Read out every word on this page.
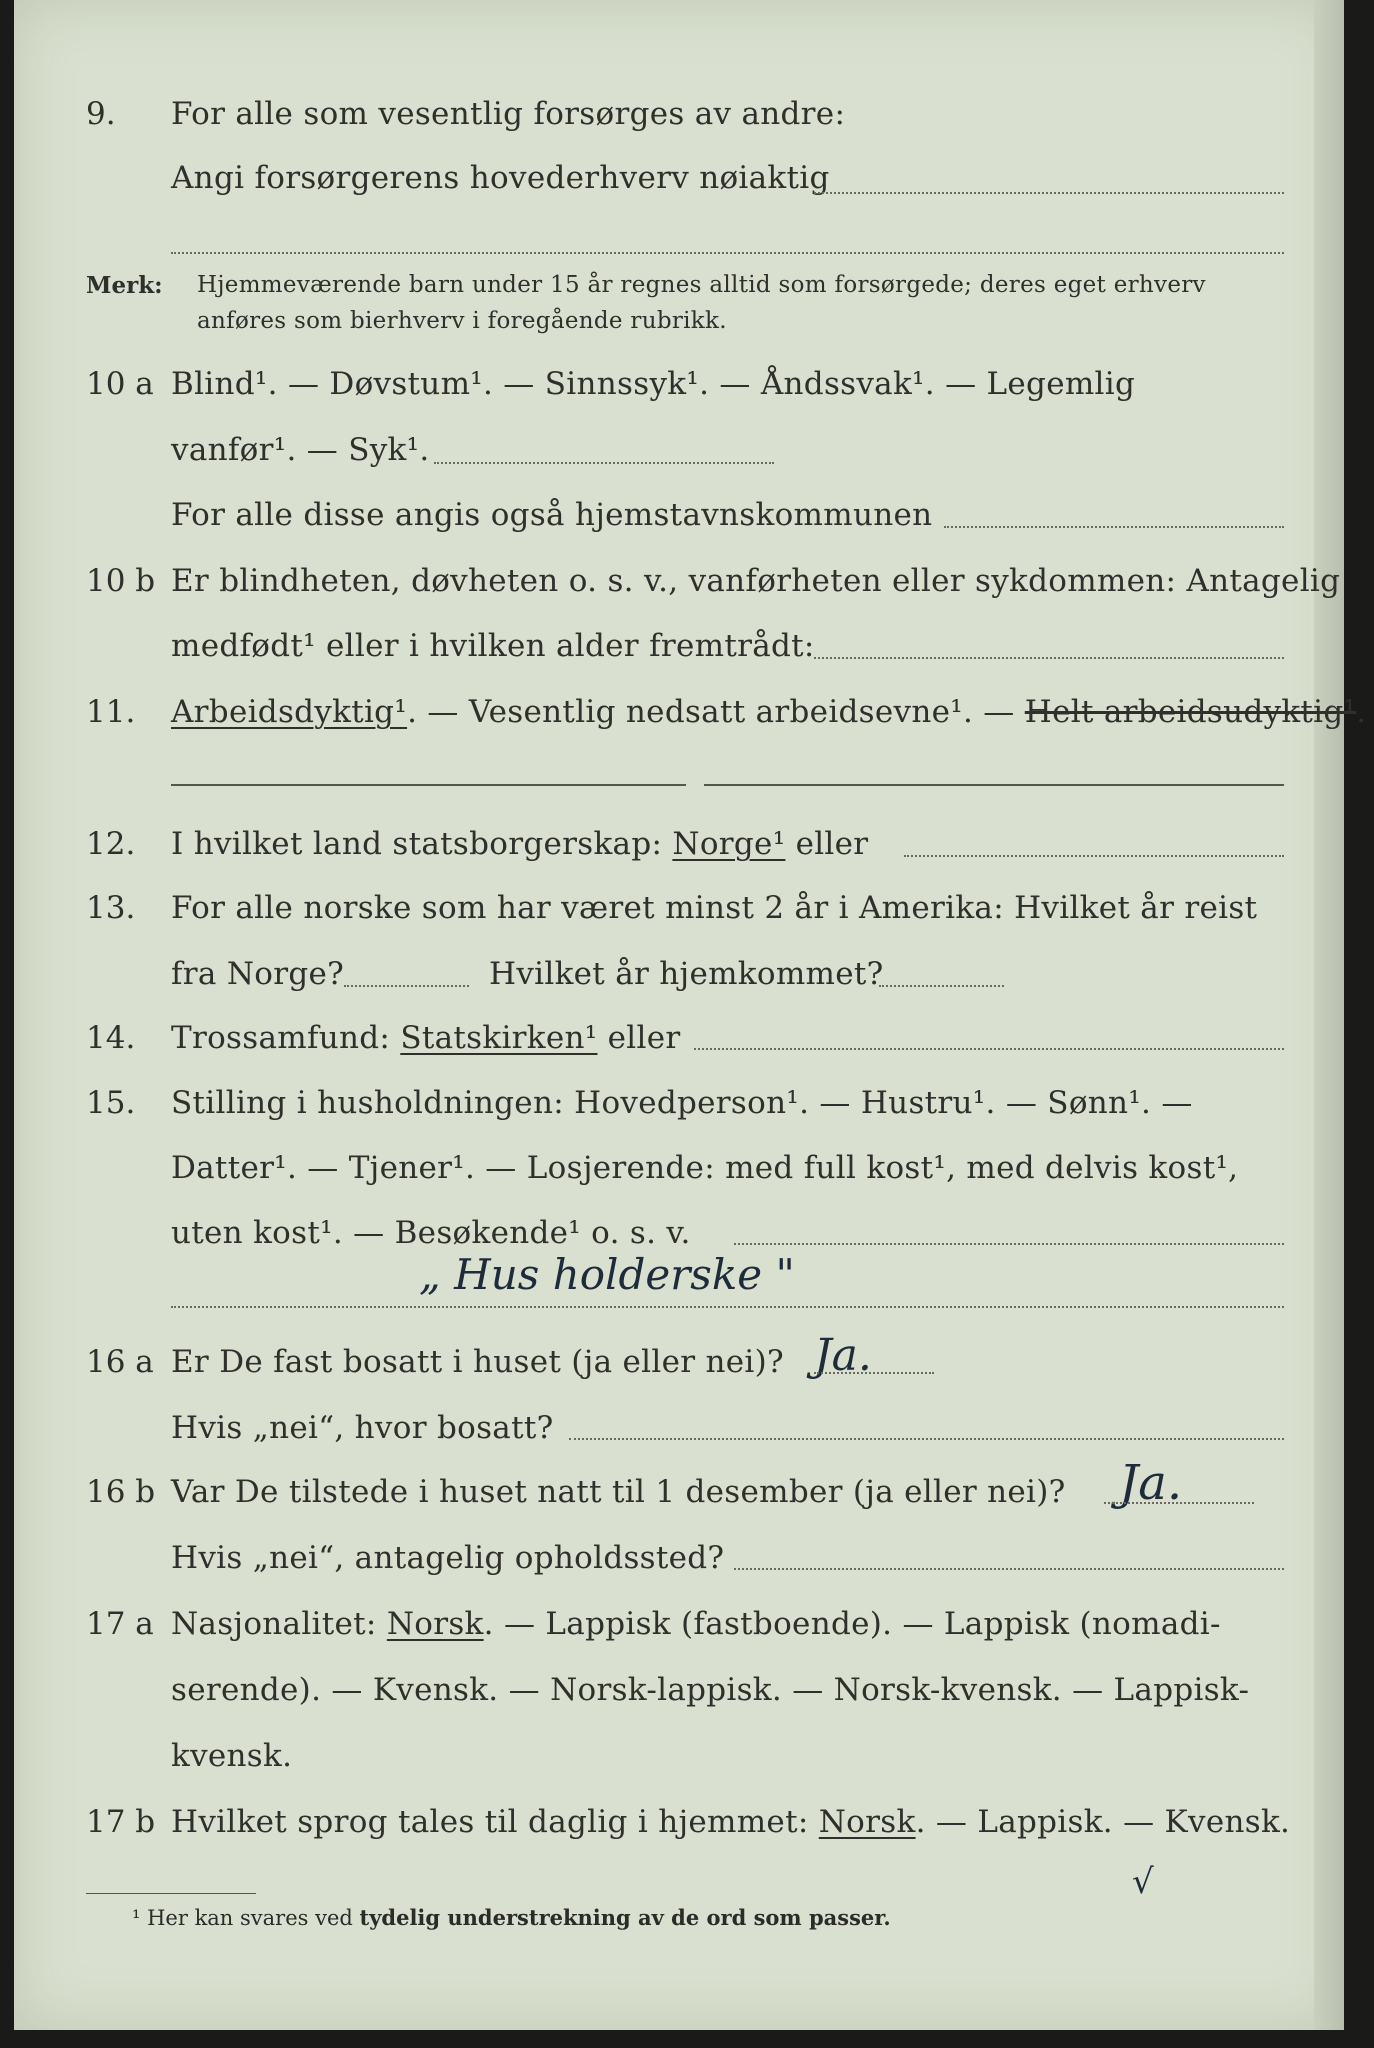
9. For alle som vesentlig forsørges av andre:
Angi forsørgerens hovederhverv nøiaktig
Merk: Hjemmeværende barn under 15 år regnes alltid som forsørgede; deres eget erhverv
anføres som bierhverv i foregående rubrikk.
10 a Blind¹. — Døvstum¹. — Sinnssyk¹. — Åndssvak¹. — Legemlig
vanfør¹. — Syk¹.
For alle disse angis også hjemstavnskommunen
10 b Er blindheten, døvheten o. s. v., vanførheten eller sykdommen: Antagelig
medfødt¹ eller i hvilken alder fremtrådt:
11. Arbeidsdyktig¹. — Vesentlig nedsatt arbeidsevne¹. — Helt arbeidsudyktig¹.
12. I hvilket land statsborgerskap: Norge¹ eller
13. For alle norske som har været minst 2 år i Amerika: Hvilket år reist
fra Norge?	Hvilket år hjemkommet?
14. Trossamfund: Statskirken¹ eller
15. Stilling i husholdningen: Hovedperson¹. — Hustru¹. — Sønn¹. —
Datter¹. — Tjener¹. — Losjerende: med full kost¹, med delvis kost¹,
uten kost¹. — Besøkende¹ o. s. v.
„ Hus holderske "
16 a Er De fast bosatt i huset (ja eller nei)? Ja.
Hvis „nei“, hvor bosatt?
16 b Var De tilstede i huset natt til 1 desember (ja eller nei)? Ja.
Hvis „nei“, antagelig opholdssted?
17 a Nasjonalitet: Norsk. — Lappisk (fastboende). — Lappisk (nomadi-
serende). — Kvensk. — Norsk-lappisk. — Norsk-kvensk. — Lappisk-
kvensk.
17 b Hvilket sprog tales til daglig i hjemmet: Norsk. — Lappisk. — Kvensk.
√
¹ Her kan svares ved tydelig understrekning av de ord som passer.
